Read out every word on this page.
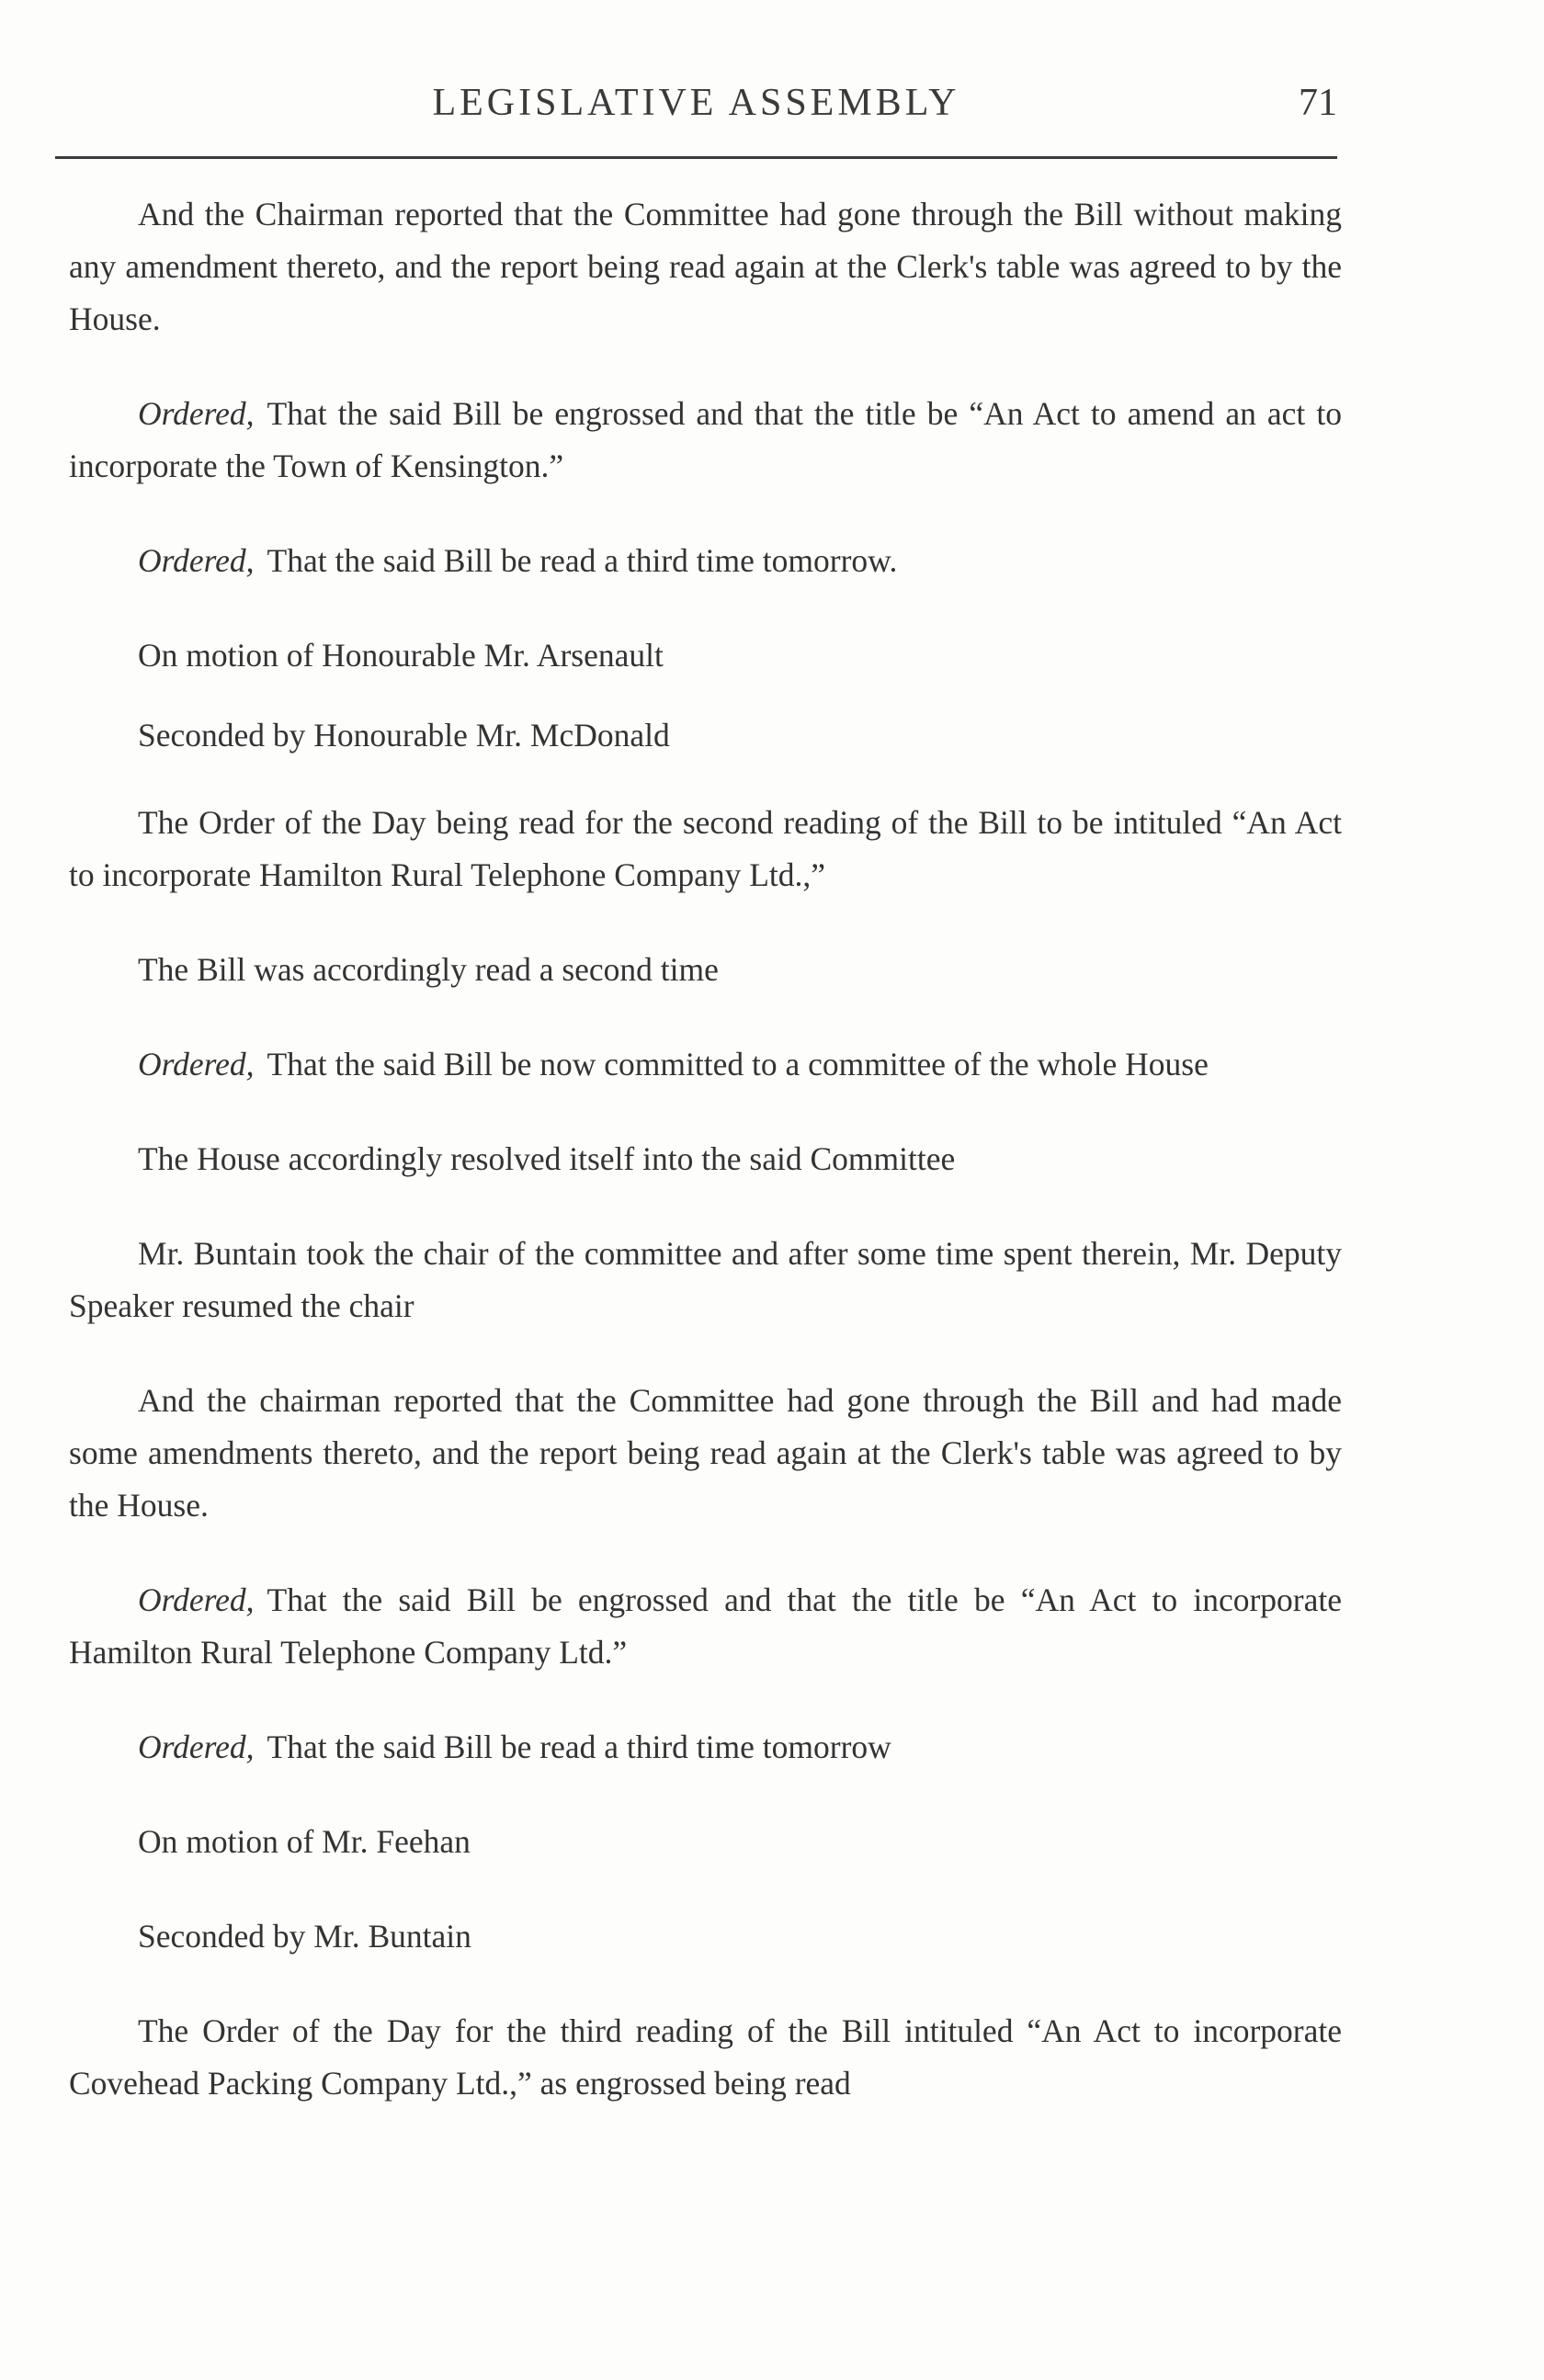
LEGISLATIVE ASSEMBLY	71

And the Chairman reported that the Committee had gone through the Bill without making any amendment thereto, and the report being read again at the Clerk's table was agreed to by the House.

Ordered, That the said Bill be engrossed and that the title be “An Act to amend an act to incorporate the Town of Kensington.”

Ordered, That the said Bill be read a third time tomorrow.

On motion of Honourable Mr. Arsenault

Seconded by Honourable Mr. McDonald

The Order of the Day being read for the second reading of the Bill to be intituled “An Act to incorporate Hamilton Rural Telephone Company Ltd.,”

The Bill was accordingly read a second time

Ordered, That the said Bill be now committed to a committee of the whole House

The House accordingly resolved itself into the said Committee

Mr. Buntain took the chair of the committee and after some time spent therein, Mr. Deputy Speaker resumed the chair

And the chairman reported that the Committee had gone through the Bill and had made some amendments thereto, and the report being read again at the Clerk's table was agreed to by the House.

Ordered, That the said Bill be engrossed and that the title be “An Act to incorporate Hamilton Rural Telephone Company Ltd.”

Ordered, That the said Bill be read a third time tomorrow

On motion of Mr. Feehan

Seconded by Mr. Buntain

The Order of the Day for the third reading of the Bill intituled “An Act to incorporate Covehead Packing Company Ltd.,” as engrossed being read
